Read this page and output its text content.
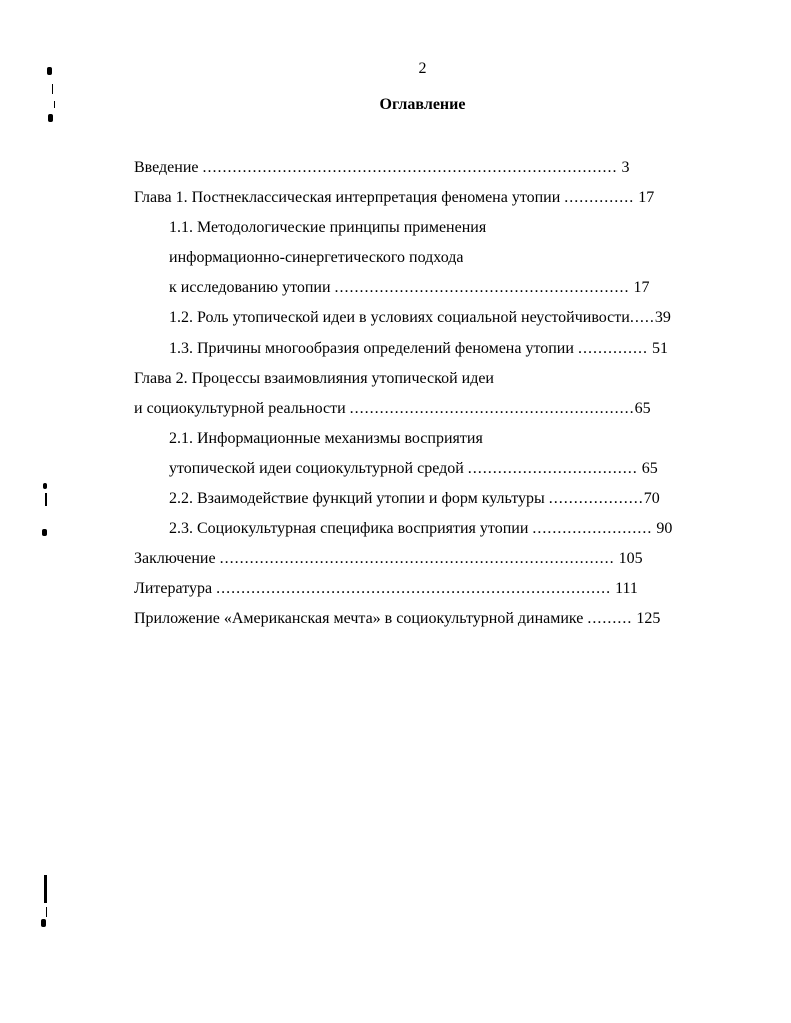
2
Оглавление
Введение ................................................................................... 3
Глава 1. Постнеклассическая интерпретация феномена утопии .............. 17
1.1. Методологические принципы применения
информационно-синергетического подхода
к исследованию утопии ........................................................... 17
1.2. Роль утопической идеи в условиях социальной неустойчивости.....39
1.3. Причины многообразия определений феномена утопии .............. 51
Глава 2. Процессы взаимовлияния утопической идеи
и социокультурной реальности .........................................................65
2.1. Информационные механизмы восприятия
утопической идеи социокультурной средой .................................. 65
2.2. Взаимодействие функций утопии и форм культуры ...................70
2.3. Социокультурная специфика восприятия утопии ........................ 90
Заключение ............................................................................... 105
Литература ............................................................................... 111
Приложение «Американская мечта» в социокультурной динамике ......... 125
